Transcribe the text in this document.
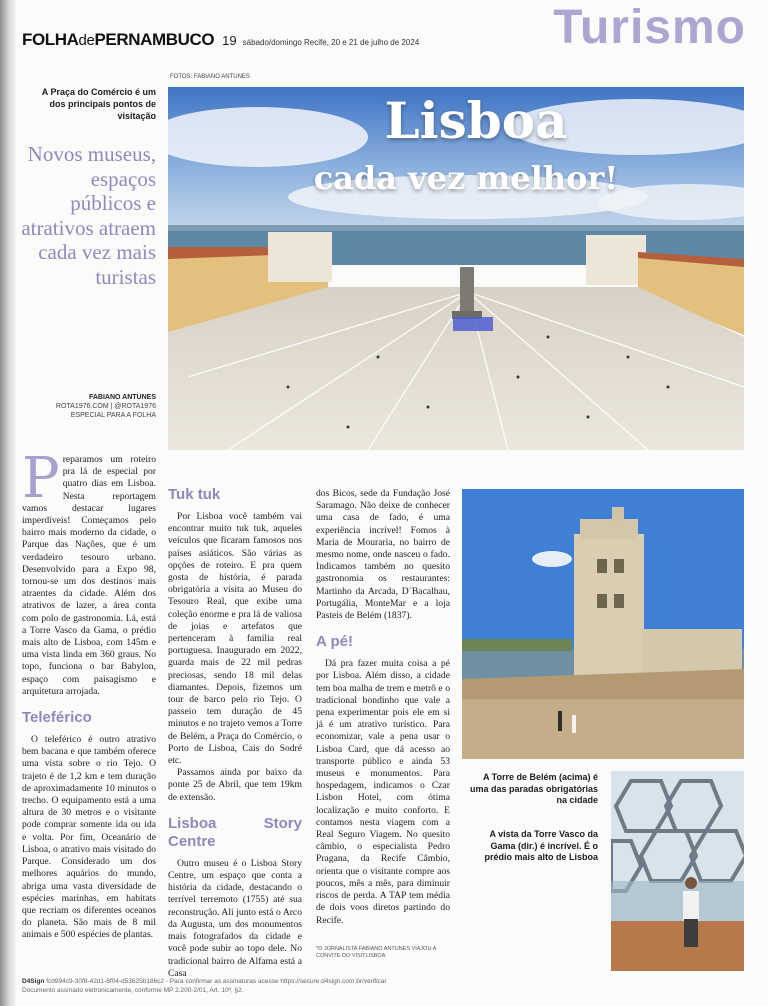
FOLHAdePERNAMBUCO 19 sábado/domingo Recife, 20 e 21 de julho de 2024	Turismo
FOTOS: FABIANO ANTUNES
A Praça do Comércio é um dos principais pontos de visitação
Novos museus, espaços públicos e atrativos atraem cada vez mais turistas
FABIANO ANTUNES
ROTA1976.COM | @ROTA1976
ESPECIAL PARA A FOLHA
Lisboa
cada vez melhor!

Preparamos um roteiro pra lá de especial por quatro dias em Lisboa. Nesta reportagem vamos destacar lugares imperdíveis! Começamos pelo bairro mais moderno da cidade, o Parque das Nações, que é um verdadeiro tesouro urbano. Desenvolvido para a Expo 98, tornou-se um dos destinos mais atraentes da cidade. Além dos atrativos de lazer, a área conta com polo de gastronomia. Lá, está a Torre Vasco da Gama, o prédio mais alto de Lisboa, com 145m e uma vista linda em 360 graus. No topo, funciona o bar Babylon, espaço com paisagismo e arquitetura arrojada.

Teleférico

O teleférico é outro atrativo bem bacana e que também oferece uma vista sobre o rio Tejo. O trajeto é de 1,2 km e tem duração de aproximadamente 10 minutos o trecho. O equipamento está a uma altura de 30 metros e o visitante pode comprar somente ida ou ida e volta. Por fim, Oceanário de Lisboa, o atrativo mais visitado do Parque. Considerado um dos melhores aquários do mundo, abriga uma vasta diversidade de espécies marinhas, em habitats que recriam os diferentes oceanos do planeta. São mais de 8 mil animais e 500 espécies de plantas.

Tuk tuk

Por Lisboa você também vai encontrar muito tuk tuk, aqueles veículos que ficaram famosos nos países asiáticos. São várias as opções de roteiro. E pra quem gosta de história, é parada obrigatória a visita ao Museu do Tesouro Real, que exibe uma coleção enorme e pra lá de valiosa de joias e artefatos que pertenceram à família real portuguesa. Inaugurado em 2022, guarda mais de 22 mil pedras preciosas, sendo 18 mil delas diamantes. Depois, fizemos um tour de barco pelo rio Tejo. O passeio tem duração de 45 minutos e no trajeto vemos a Torre de Belém, a Praça do Comércio, o Porto de Lisboa, Cais do Sodré etc.

Passamos ainda por baixo da ponte 25 de Abril, que tem 19km de extensão.

Lisboa Story Centre

Outro museu é o Lisboa Story Centre, um espaço que conta a história da cidade, destacando o terrível terremoto (1755) até sua reconstrução. Ali junto está o Arco da Augusta, um dos monumentos mais fotografados da cidade e você pode subir ao topo dele. No tradicional bairro de Alfama está a Casa

dos Bicos, sede da Fundação José Saramago. Não deixe de conhecer uma casa de fado, é uma experiência incrível! Fomos à Maria de Mouraria, no bairro de mesmo nome, onde nasceu o fado. Indicamos também no quesito gastronomia os restaurantes: Martinho da Arcada, D´Bacalhau, Portugália, MonteMar e a loja Pasteis de Belém (1837).

A pé!

Dá pra fazer muita coisa a pé por Lisboa. Além disso, a cidade tem boa malha de trem e metrô e o tradicional bondinho que vale a pena experimentar pois ele em si já é um atrativo turístico. Para economizar, vale a pena usar o Lisboa Card, que dá acesso ao transporte público e ainda 53 museus e monumentos. Para hospedagem, indicamos o Czar Lisbon Hotel, com ótima localização e muito conforto. E contamos nesta viagem com a Real Seguro Viagem. No quesito câmbio, o especialista Pedro Pragana, da Recife Câmbio, orienta que o visitante compre aos poucos, mês a mês, para diminuir riscos de perda. A TAP tem média de dois voos diretos partindo do Recife.

*O JORNALISTA FABIANO ANTUNES VIAJOU A CONVITE DO VISITLISBOA
A Torre de Belém (acima) é uma das paradas obrigatórias na cidade
A vista da Torre Vasco da Gama (dir.) é incrível. É o prédio mais alto de Lisboa
D4Sign fcd994c9-30f8-42d1-8f04-d53625b186c2 - Para confirmar as assinaturas acesse https://secure.d4sign.com.br/verificar
Documento assinado eletronicamente, conforme MP 2.200-2/01, Art. 10º, §2.
